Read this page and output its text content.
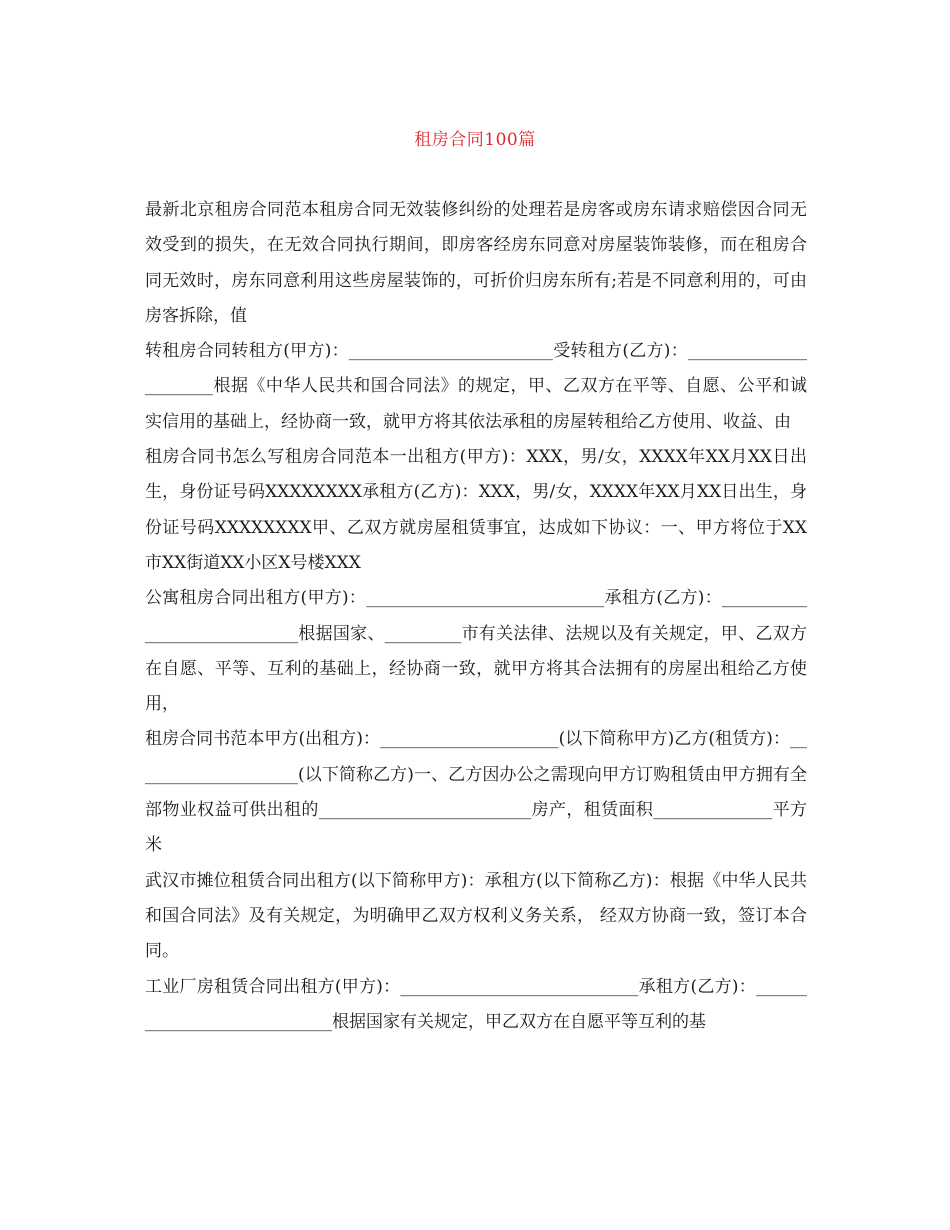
租房合同100篇

最新北京租房合同范本租房合同无效装修纠纷的处理若是房客或房东请求赔偿因合同无效受到的损失，在无效合同执行期间，即房客经房东同意对房屋装饰装修，而在租房合同无效时，房东同意利用这些房屋装饰的，可折价归房东所有;若是不同意利用的，可由房客拆除，值

转租房合同转租方(甲方)：________________________受转租方(乙方)：______________________根据《中华人民共和国合同法》的规定，甲、乙双方在平等、自愿、公平和诚实信用的基础上，经协商一致，就甲方将其依法承租的房屋转租给乙方使用、收益、由

租房合同书怎么写租房合同范本一出租方(甲方)：XXX，男/女，XXXX年XX月XX日出生，身份证号码XXXXXXXX承租方(乙方)：XXX，男/女，XXXX年XX月XX日出生，身份证号码XXXXXXXX甲、乙双方就房屋租赁事宜，达成如下协议：一、甲方将位于XX市XX街道XX小区X号楼XXX

公寓租房合同出租方(甲方)：____________________________承租方(乙方)：____________________________根据国家、_________市有关法律、法规以及有关规定，甲、乙双方在自愿、平等、互利的基础上，经协商一致，就甲方将其合法拥有的房屋出租给乙方使用，

租房合同书范本甲方(出租方)：_____________________(以下简称甲方)乙方(租赁方)：____________________(以下简称乙方)一、乙方因办公之需现向甲方订购租赁由甲方拥有全部物业权益可供出租的_________________________房产，租赁面积______________平方米

武汉市摊位租赁合同出租方(以下简称甲方)：承租方(以下简称乙方)：根据《中华人民共和国合同法》及有关规定，为明确甲乙双方权利义务关系， 经双方协商一致，签订本合同。

工业厂房租赁合同出租方(甲方)：____________________________承租方(乙方)：____________________________根据国家有关规定，甲乙双方在自愿平等互利的基
